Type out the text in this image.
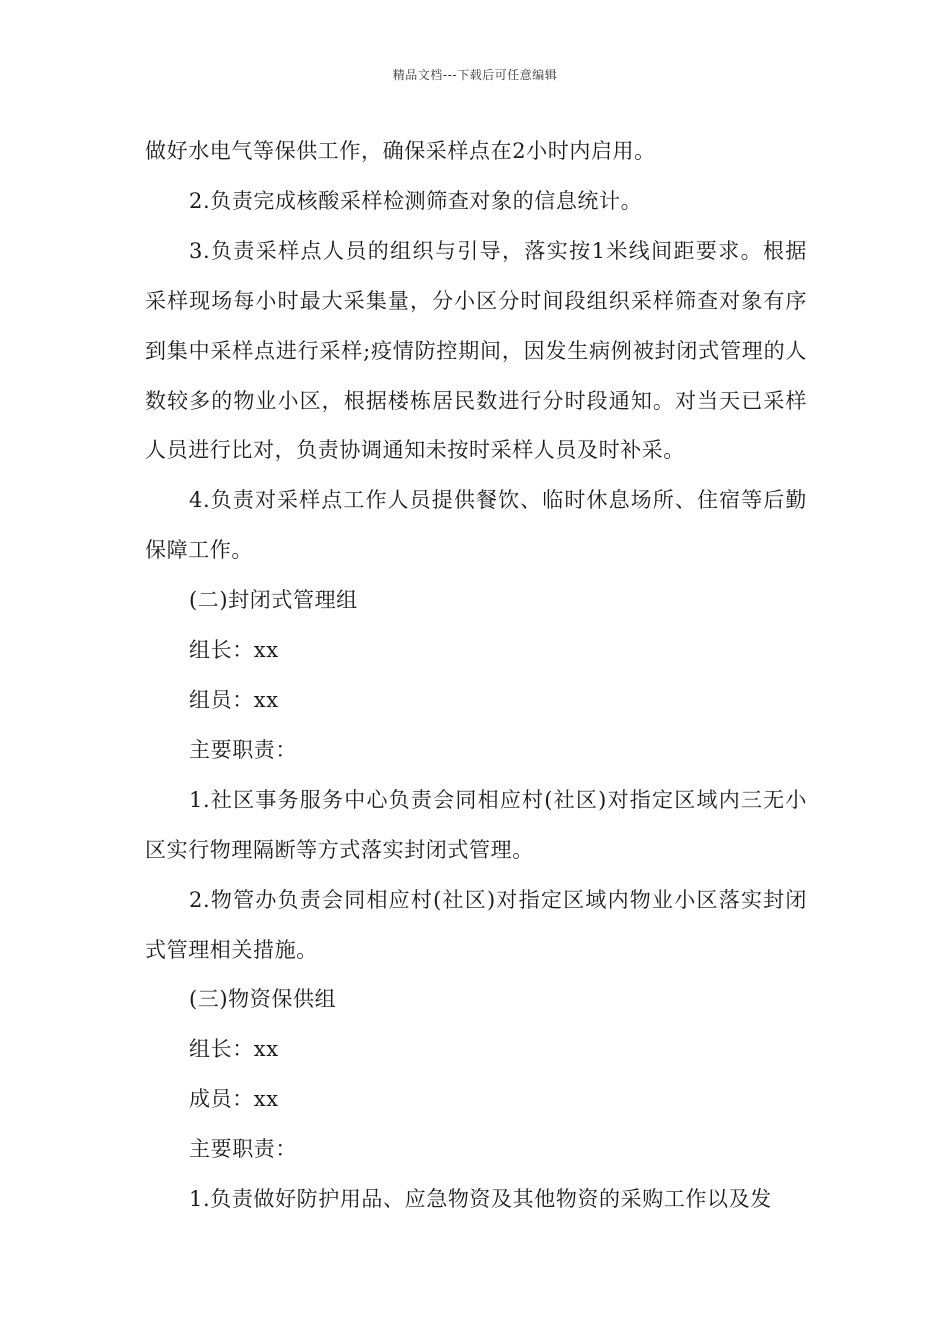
精品文档---下载后可任意编辑

做好水电气等保供工作，确保采样点在2小时内启用。

2.负责完成核酸采样检测筛查对象的信息统计。

3.负责采样点人员的组织与引导，落实按1米线间距要求。根据采样现场每小时最大采集量，分小区分时间段组织采样筛查对象有序到集中采样点进行采样;疫情防控期间，因发生病例被封闭式管理的人数较多的物业小区，根据楼栋居民数进行分时段通知。对当天已采样人员进行比对，负责协调通知未按时采样人员及时补采。

4.负责对采样点工作人员提供餐饮、临时休息场所、住宿等后勤保障工作。

(二)封闭式管理组

组长：xx

组员：xx

主要职责：

1.社区事务服务中心负责会同相应村(社区)对指定区域内三无小区实行物理隔断等方式落实封闭式管理。

2.物管办负责会同相应村(社区)对指定区域内物业小区落实封闭式管理相关措施。

(三)物资保供组

组长：xx

成员：xx

主要职责：

1.负责做好防护用品、应急物资及其他物资的采购工作以及发
